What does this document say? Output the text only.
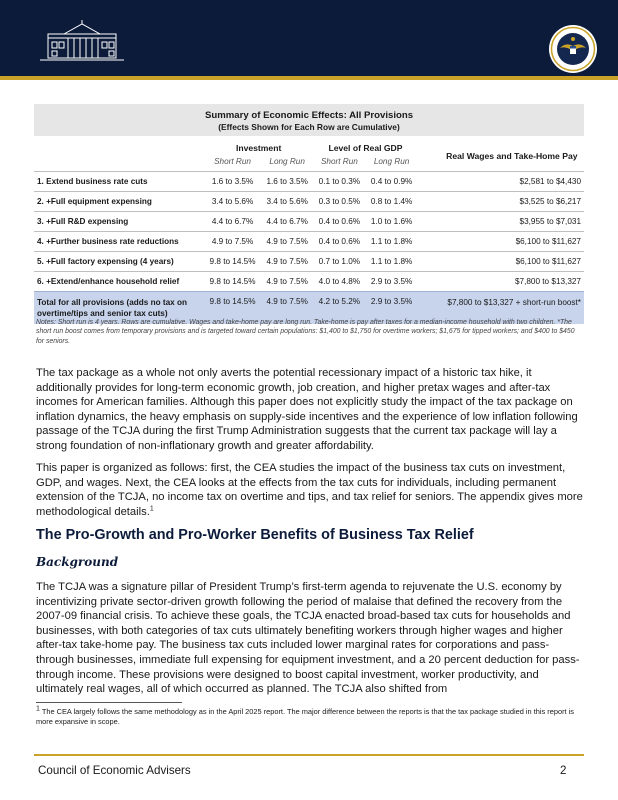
Summary of Economic Effects: All Provisions
(Effects Shown for Each Row are Cumulative)					

	Investment		Level of Real GDP		Real Wages and Take-Home Pay
	Short Run	Long Run	Short Run	Long Run	
1. Extend business rate cuts	1.6 to 3.5%	1.6 to 3.5%	0.1 to 0.3%	0.4 to 0.9%	$2,581 to $4,430
2. +Full equipment expensing	3.4 to 5.6%	3.4 to 5.6%	0.3 to 0.5%	0.8 to 1.4%	$3,525 to $6,217
3. +Full R&D expensing	4.4 to 6.7%	4.4 to 6.7%	0.4 to 0.6%	1.0 to 1.6%	$3,955 to $7,031
4. +Further business rate reductions	4.9 to 7.5%	4.9 to 7.5%	0.4 to 0.6%	1.1 to 1.8%	$6,100 to $11,627
5. +Full factory expensing (4 years)	9.8 to 14.5%	4.9 to 7.5%	0.7 to 1.0%	1.1 to 1.8%	$6,100 to $11,627
6. +Extend/enhance household relief	9.8 to 14.5%	4.9 to 7.5%	4.0 to 4.8%	2.9 to 3.5%	$7,800 to $13,327
Total for all provisions (adds no tax on overtime/tips and senior tax cuts)	9.8 to 14.5%	4.9 to 7.5%	4.2 to 5.2%	2.9 to 3.5%	$7,800 to $13,327 + short-run boost*
Notes: Short run is 4 years. Rows are cumulative. Wages and take-home pay are long run. Take-home is pay after taxes for a median-income household with two children. *The short run boost comes from temporary provisions and is targeted toward certain populations: $1,400 to $1,750 for overtime workers; $1,675 for tipped workers; and $400 to $450 for seniors.

The tax package as a whole not only averts the potential recessionary impact of a historic tax hike, it additionally provides for long-term economic growth, job creation, and higher pretax wages and after-tax incomes for American families. Although this paper does not explicitly study the impact of the tax package on inflation dynamics, the heavy emphasis on supply-side incentives and the experience of low inflation following passage of the TCJA during the first Trump Administration suggests that the current tax package will lay a strong foundation of non-inflationary growth and greater affordability.

This paper is organized as follows: first, the CEA studies the impact of the business tax cuts on investment, GDP, and wages. Next, the CEA looks at the effects from the tax cuts for individuals, including permanent extension of the TCJA, no income tax on overtime and tips, and tax relief for seniors. The appendix gives more methodological details.$^1$

The Pro-Growth and Pro-Worker Benefits of Business Tax Relief
Background

The TCJA was a signature pillar of President Trump’s first-term agenda to rejuvenate the U.S. economy by incentivizing private sector-driven growth following the period of malaise that defined the recovery from the 2007-09 financial crisis. To achieve these goals, the TCJA enacted broad-based tax cuts for households and businesses, with both categories of tax cuts ultimately benefiting workers through higher wages and higher after-tax take-home pay. The business tax cuts included lower marginal rates for corporations and pass-through businesses, immediate full expensing for equipment investment, and a 20 percent deduction for pass-through income. These provisions were designed to boost capital investment, worker productivity, and ultimately real wages, all of which occurred as planned. The TCJA also shifted from

$^1$ The CEA largely follows the same methodology as in the April 2025 report. The major difference between the reports is that the tax package studied in this report is more expansive in scope.

Council of Economic Advisers	2
